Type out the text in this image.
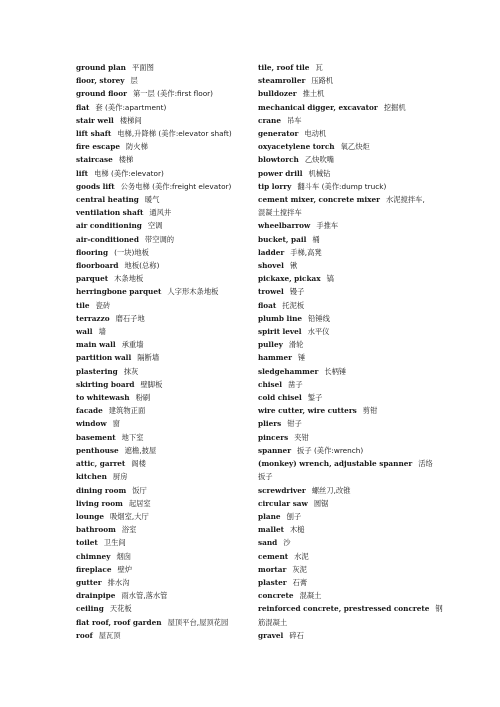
ground plan 平面图
floor, storey 层
ground floor 第一层 (美作:first floor)
flat 套 (美作:apartment)
stair well 楼梯间
lift shaft 电梯,升降梯 (美作:elevator shaft)
fire escape 防火梯
staircase 楼梯
lift 电梯 (美作:elevator)
goods lift 公务电梯 (美作:freight elevator)
central heating 暖气
ventilation shaft 通风井
air conditioning 空调
air-conditioned 带空调的
flooring (一块)地板
floorboard 地板(总称)
parquet 木条地板
herringbone parquet 人字形木条地板
tile 瓷砖
terrazzo 磨石子地
wall 墙
main wall 承重墙
partition wall 隔断墙
plastering 抹灰
skirting board 壁脚板
to whitewash 粉刷
facade 建筑物正面
window 窗
basement 地下室
penthouse 遮檐,披屋
attic, garret 阁楼
kitchen 厨房
dining room 饭厅
living room 起居室
lounge 吸烟室,大厅
bathroom 浴室
toilet 卫生间
chimney 烟囱
fireplace 壁炉
gutter 排水沟
drainpipe 雨水管,落水管
ceiling 天花板
flat roof, roof garden 屋顶平台,屋顶花园
roof 屋瓦顶
tile, roof tile 瓦
steamroller 压路机
bulldozer 推土机
mechanical digger, excavator 挖掘机
crane 吊车
generator 电动机
oxyacetylene torch 氧乙炔炬
blowtorch 乙炔吹嘴
power drill 机械钻
tip lorry 翻斗车 (美作:dump truck)
cement mixer, concrete mixer 水泥搅拌车,
混凝土搅拌车
wheelbarrow 手推车
bucket, pail 桶
ladder 手梯,高凳
shovel 锹
pickaxe, pickax 镐
trowel 镘子
float 托泥板
plumb line 铅锤线
spirit level 水平仪
pulley 滑轮
hammer 锤
sledgehammer 长柄锤
chisel 凿子
cold chisel 錾子
wire cutter, wire cutters 剪钳
pliers 钳子
pincers 夹钳
spanner 扳子 (美作:wrench)
(monkey) wrench, adjustable spanner 活络
扳子
screwdriver 螺丝刀,改锥
circular saw 圆锯
plane 刨子
mallet 木槌
sand 沙
cement 水泥
mortar 灰泥
plaster 石膏
concrete 混凝土
reinforced concrete, prestressed concrete 钢
筋混凝土
gravel 碎石
